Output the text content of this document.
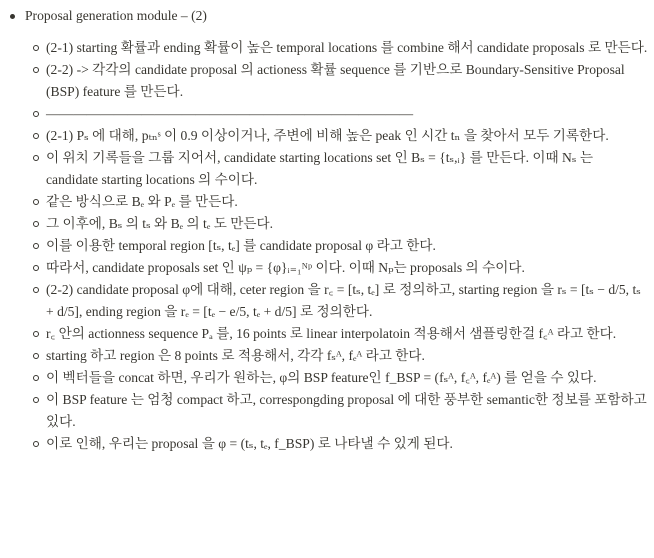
Proposal generation module – (2)
(2-1) starting 확률과 ending 확률이 높은 temporal locations 를 combine 해서 candidate proposals 로 만든다.
(2-2) -> 각각의 candidate proposal 의 actioness 확률 sequence 를 기반으로 Boundary-Sensitive Proposal (BSP) feature 를 만든다.
———————————————————————————
(2-1) Pₛ 에 대해, pₜₙˢ 이 0.9 이상이거나, 주변에 비해 높은 peak 인 시간 tₙ 을 찾아서 모두 기록한다.
이 위치 기록들을 그룹 지어서, candidate starting locations set 인 Bₛ = {tₛ,ᵢ} 를 만든다. 이때 Nₛ 는 candidate starting locations 의 수이다.
같은 방식으로 Bₑ 와 Pₑ 를 만든다.
그 이후에, Bₛ 의 tₛ 와 Bₑ 의 tₑ 도 만든다.
이를 이용한 temporal region [tₛ, tₑ] 를 candidate proposal φ 라고 한다.
따라서, candidate proposals set 인 ψₚ = {φ}ᵢ₌₁ᴺᵖ 이다. 이때 Nₚ는 proposals 의 수이다.
(2-2) candidate proposal φ에 대해, ceter region 을 r꜀ = [tₛ, tₑ] 로 정의하고, starting region 을 rₛ = [tₛ − d/5, tₛ + d/5], ending region 을 rₑ = [tₑ − e/5, tₑ + d/5] 로 정의한다.
r꜀ 안의 actionness sequence Pₐ 를, 16 points 로 linear interpolatoin 적용해서 샘플링한걸 f꜀ᴬ 라고 한다.
starting 하고 region 은 8 points 로 적용해서, 각각 fₛᴬ, fₑᴬ 라고 한다.
이 벡터들을 concat 하면, 우리가 원하는, φ의 BSP feature인 f_BSP = (fₛᴬ, f꜀ᴬ, fₑᴬ) 를 얻을 수 있다.
이 BSP feature 는 엄청 compact 하고, correspongding proposal 에 대한 풍부한 semantic한 정보를 포함하고 있다.
이로 인해, 우리는 proposal 을 φ = (tₛ, tₑ, f_BSP) 로 나타낼 수 있게 된다.
